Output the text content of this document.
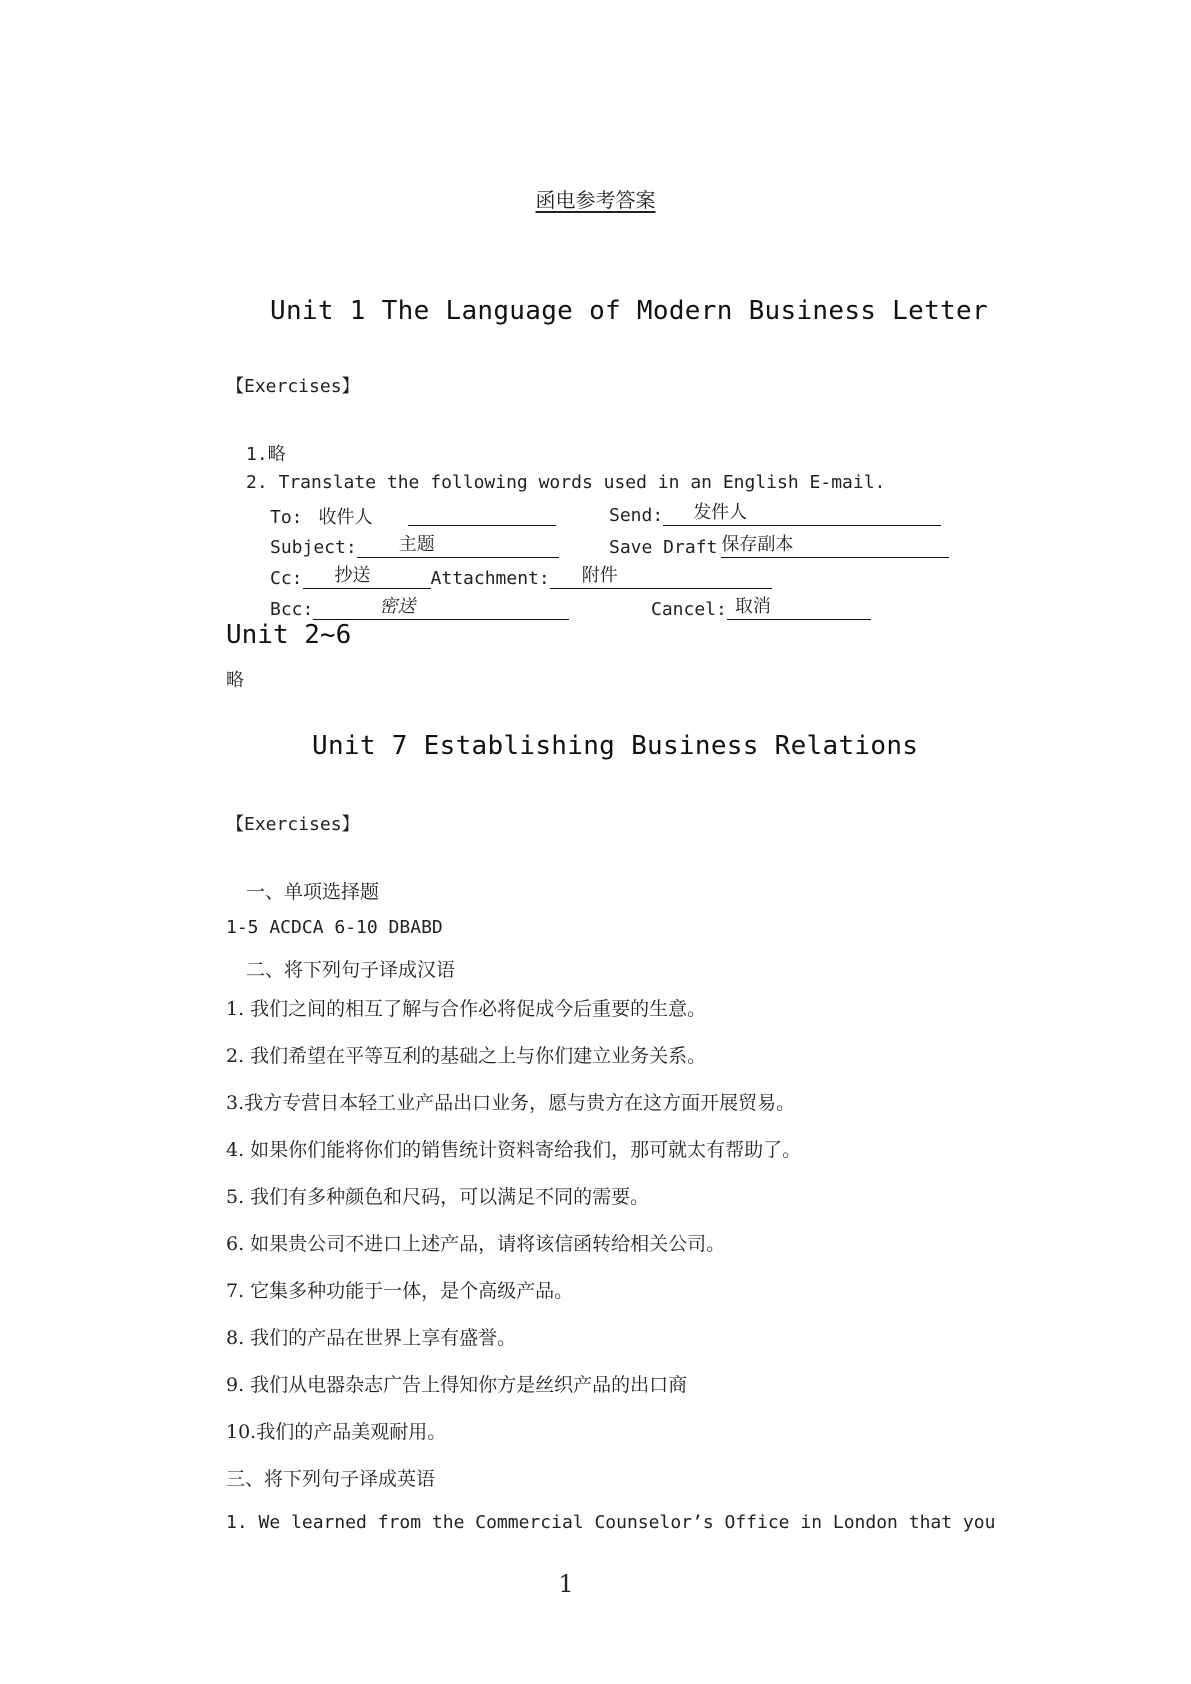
函电参考答案
Unit 1 The Language of Modern Business Letter
【Exercises】
1.略
2. Translate the following words used in an English E-mail.
To: 收件人	Send: 发件人
Subject: 主题	Save Draft 保存副本
Cc: 抄送	Attachment: 附件
Bcc:	密送	Cancel: 取消
Unit 2~6
略
Unit 7 Establishing Business Relations
【Exercises】
一、单项选择题
1-5 ACDCA 6-10 DBABD
二、将下列句子译成汉语
1. 我们之间的相互了解与合作必将促成今后重要的生意。
2. 我们希望在平等互利的基础之上与你们建立业务关系。
3.我方专营日本轻工业产品出口业务，愿与贵方在这方面开展贸易。
4. 如果你们能将你们的销售统计资料寄给我们，那可就太有帮助了。
5. 我们有多种颜色和尺码，可以满足不同的需要。
6. 如果贵公司不进口上述产品，请将该信函转给相关公司。
7. 它集多种功能于一体，是个高级产品。
8. 我们的产品在世界上享有盛誉。
9. 我们从电器杂志广告上得知你方是丝织产品的出口商
10.我们的产品美观耐用。
三、将下列句子译成英语
1. We learned from the Commercial Counselor’s Office in London that you
1
